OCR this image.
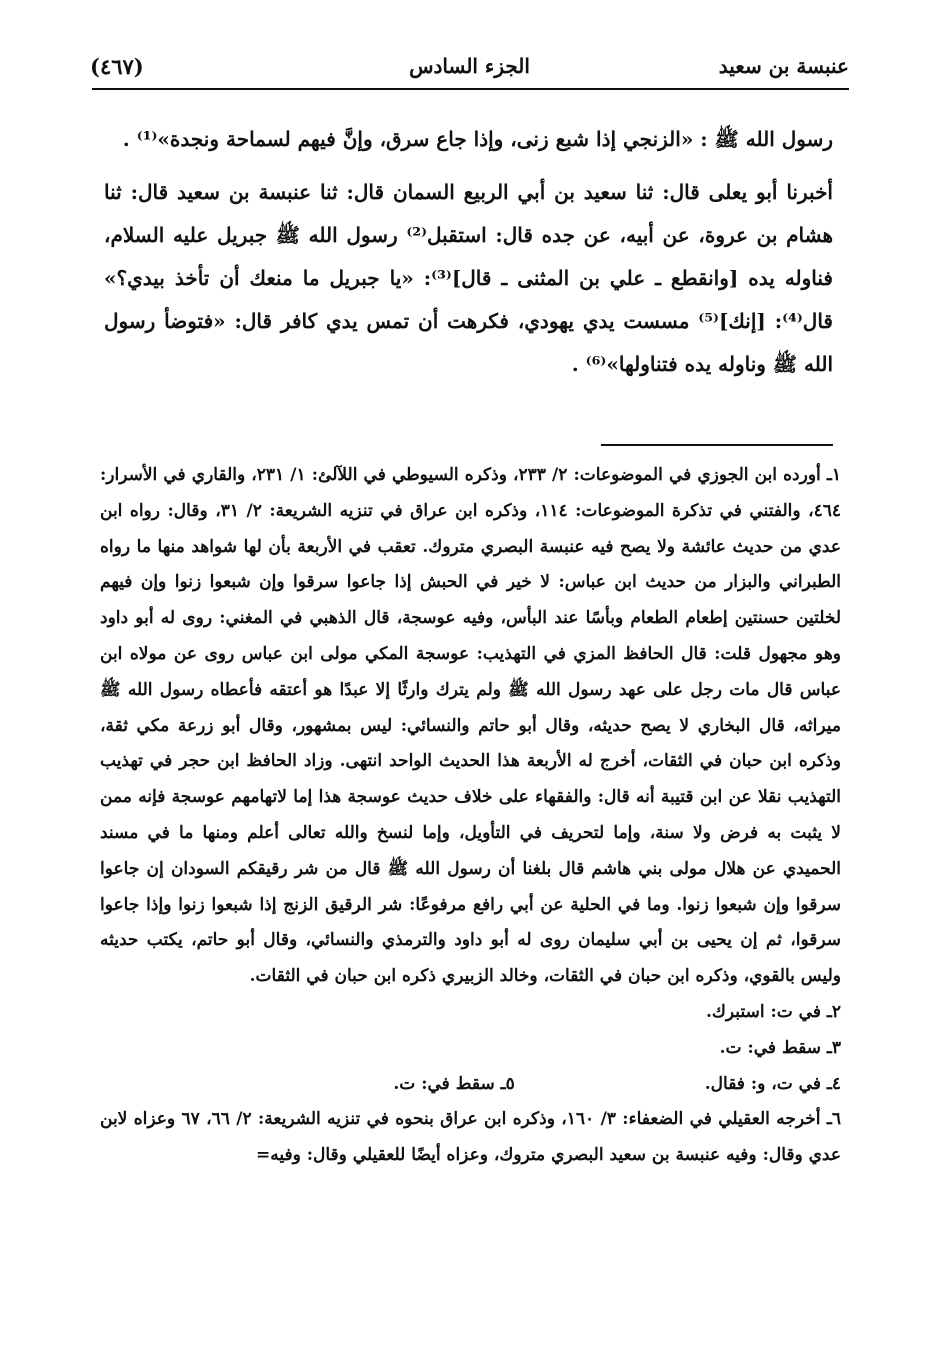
عنبسة بن سعيد
الجزء السادس
(٤٦٧)

رسول الله ﷺ : «الزنجي إذا شبع زنى، وإذا جاع سرق، وإنَّ فيهم لسماحة ونجدة»⁽¹⁾ .

أخبرنا أبو يعلى قال: ثنا سعيد بن أبي الربيع السمان قال: ثنا عنبسة بن سعيد قال: ثنا هشام بن عروة، عن أبيه، عن جده قال: استقبل⁽²⁾ رسول الله ﷺ جبريل عليه السلام، فناوله يده [وانقطع ـ علي بن المثنى ـ قال]⁽³⁾: «يا جبريل ما منعك أن تأخذ بيدي؟» قال⁽⁴⁾: [إنك]⁽⁵⁾ مسست يدي يهودي، فكرهت أن تمس يدي كافر قال: «فتوضأ رسول الله ﷺ وناوله يده فتناولها»⁽⁶⁾ .

١ـ أورده ابن الجوزي في الموضوعات: ٢/ ٢٣٣، وذكره السيوطي في اللآلئ: ١/ ٢٣١، والقاري في الأسرار: ٤٦٤، والفتني في تذكرة الموضوعات: ١١٤، وذكره ابن عراق في تنزيه الشريعة: ٢/ ٣١، وقال: رواه ابن عدي من حديث عائشة ولا يصح فيه عنبسة البصري متروك. تعقب في الأربعة بأن لها شواهد منها ما رواه الطبراني والبزار من حديث ابن عباس: لا خير في الحبش إذا جاعوا سرقوا وإن شبعوا زنوا وإن فيهم لخلتين حسنتين إطعام الطعام وبأسًا عند البأس، وفيه عوسجة، قال الذهبي في المغني: روى له أبو داود وهو مجهول قلت: قال الحافظ المزي في التهذيب: عوسجة المكي مولى ابن عباس روى عن مولاه ابن عباس قال مات رجل على عهد رسول الله ﷺ ولم يترك وارثًا إلا عبدًا هو أعتقه فأعطاه رسول الله ﷺ ميراثه، قال البخاري لا يصح حديثه، وقال أبو حاتم والنسائي: ليس بمشهور، وقال أبو زرعة مكي ثقة، وذكره ابن حبان في الثقات، أخرج له الأربعة هذا الحديث الواحد انتهى. وزاد الحافظ ابن حجر في تهذيب التهذيب نقلا عن ابن قتيبة أنه قال: والفقهاء على خلاف حديث عوسجة هذا إما لاتهامهم عوسجة فإنه ممن لا يثبت به فرض ولا سنة، وإما لتحريف في التأويل، وإما لنسخ والله تعالى أعلم ومنها ما في مسند الحميدي عن هلال مولى بني هاشم قال بلغنا أن رسول الله ﷺ قال من شر رقيقكم السودان إن جاعوا سرقوا وإن شبعوا زنوا. وما في الحلية عن أبي رافع مرفوعًا: شر الرقيق الزنج إذا شبعوا زنوا وإذا جاعوا سرقوا، ثم إن يحيى بن أبي سليمان روى له أبو داود والترمذي والنسائي، وقال أبو حاتم، يكتب حديثه وليس بالقوي، وذكره ابن حبان في الثقات، وخالد الزبيري ذكره ابن حبان في الثقات.

٢ـ في ت: استبرك.

٣ـ سقط في: ت.

٤ـ في ت، و: فقال.

٥ـ سقط في: ت.

٦ـ أخرجه العقيلي في الضعفاء: ٣/ ١٦٠، وذكره ابن عراق بنحوه في تنزيه الشريعة: ٢/ ٦٦، ٦٧ وعزاه لابن عدي وقال: وفيه عنبسة بن سعيد البصري متروك، وعزاه أيضًا للعقيلي وقال: وفيه=
